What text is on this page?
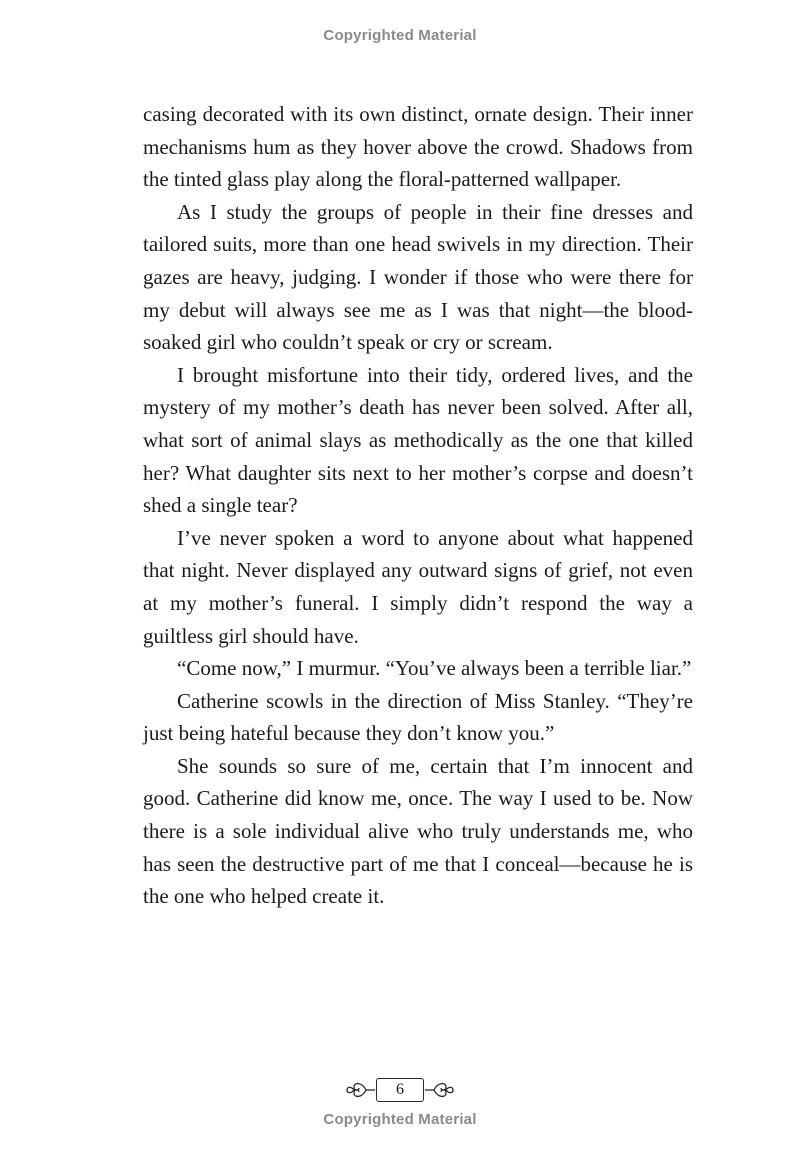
Copyrighted Material

casing decorated with its own distinct, ornate design. Their inner mechanisms hum as they hover above the crowd. Shadows from the tinted glass play along the floral-patterned wallpaper.

As I study the groups of people in their fine dresses and tailored suits, more than one head swivels in my direction. Their gazes are heavy, judging. I wonder if those who were there for my debut will always see me as I was that night—the blood-soaked girl who couldn’t speak or cry or scream.

I brought misfortune into their tidy, ordered lives, and the mystery of my mother’s death has never been solved. After all, what sort of animal slays as methodically as the one that killed her? What daughter sits next to her mother’s corpse and doesn’t shed a single tear?

I’ve never spoken a word to anyone about what happened that night. Never displayed any outward signs of grief, not even at my mother’s funeral. I simply didn’t respond the way a guiltless girl should have.

“Come now,” I murmur. “You’ve always been a terrible liar.”

Catherine scowls in the direction of Miss Stanley. “They’re just being hateful because they don’t know you.”

She sounds so sure of me, certain that I’m innocent and good. Catherine did know me, once. The way I used to be. Now there is a sole individual alive who truly understands me, who has seen the destructive part of me that I conceal—because he is the one who helped create it.

6
Copyrighted Material
